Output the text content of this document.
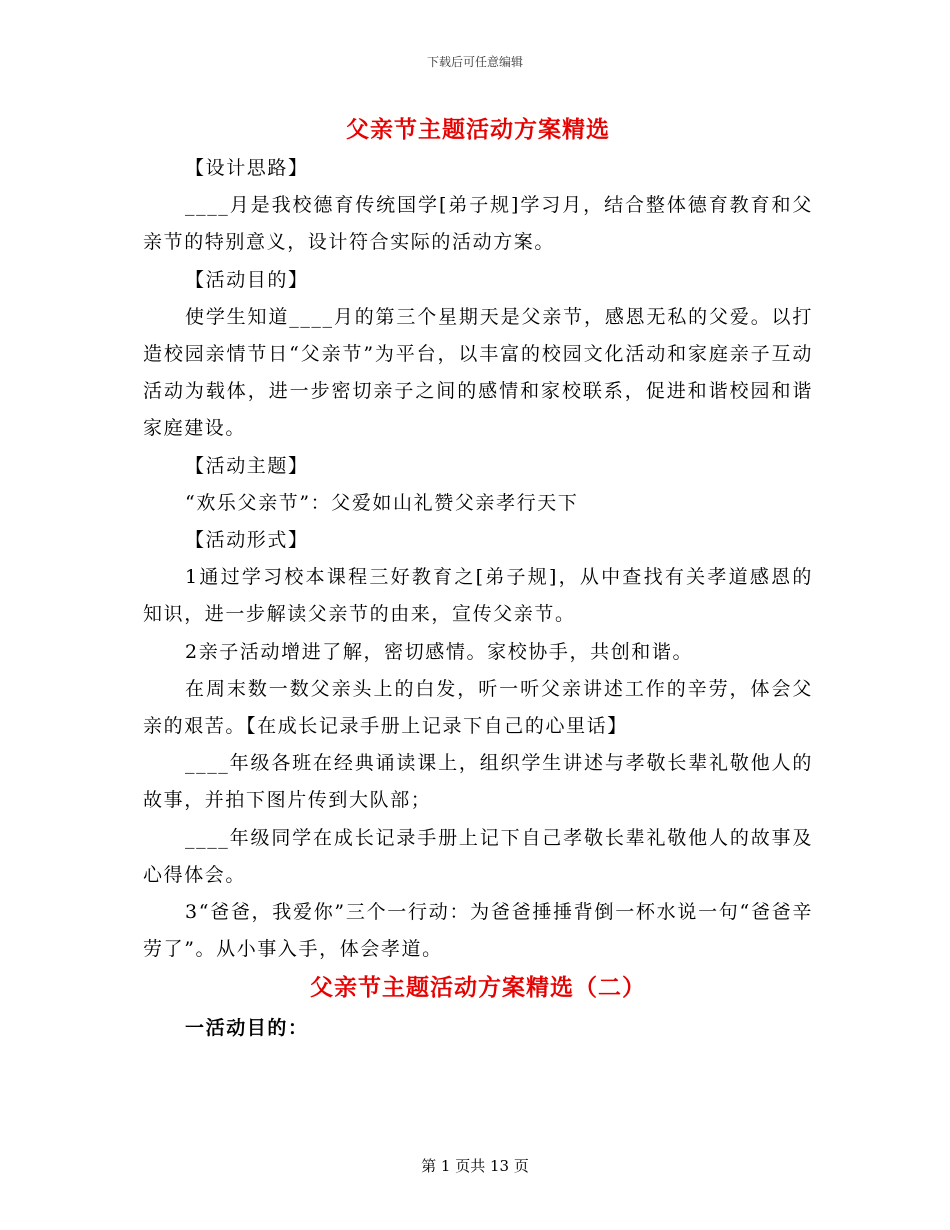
下载后可任意编辑
父亲节主题活动方案精选

【设计思路】

____月是我校德育传统国学[弟子规]学习月，结合整体德育教育和父亲节的特别意义，设计符合实际的活动方案。

【活动目的】

使学生知道____月的第三个星期天是父亲节，感恩无私的父爱。以打造校园亲情节日“父亲节”为平台，以丰富的校园文化活动和家庭亲子互动活动为载体，进一步密切亲子之间的感情和家校联系，促进和谐校园和谐家庭建设。

【活动主题】

“欢乐父亲节”：父爱如山礼赞父亲孝行天下

【活动形式】

1通过学习校本课程三好教育之[弟子规]，从中查找有关孝道感恩的知识，进一步解读父亲节的由来，宣传父亲节。

2亲子活动增进了解，密切感情。家校协手，共创和谐。

在周末数一数父亲头上的白发，听一听父亲讲述工作的辛劳，体会父亲的艰苦。【在成长记录手册上记录下自己的心里话】

____年级各班在经典诵读课上，组织学生讲述与孝敬长辈礼敬他人的故事，并拍下图片传到大队部；

____年级同学在成长记录手册上记下自己孝敬长辈礼敬他人的故事及心得体会。

3“爸爸，我爱你”三个一行动：为爸爸捶捶背倒一杯水说一句“爸爸辛劳了”。从小事入手，体会孝道。

父亲节主题活动方案精选（二）

一活动目的：

第 1 页共 13 页
